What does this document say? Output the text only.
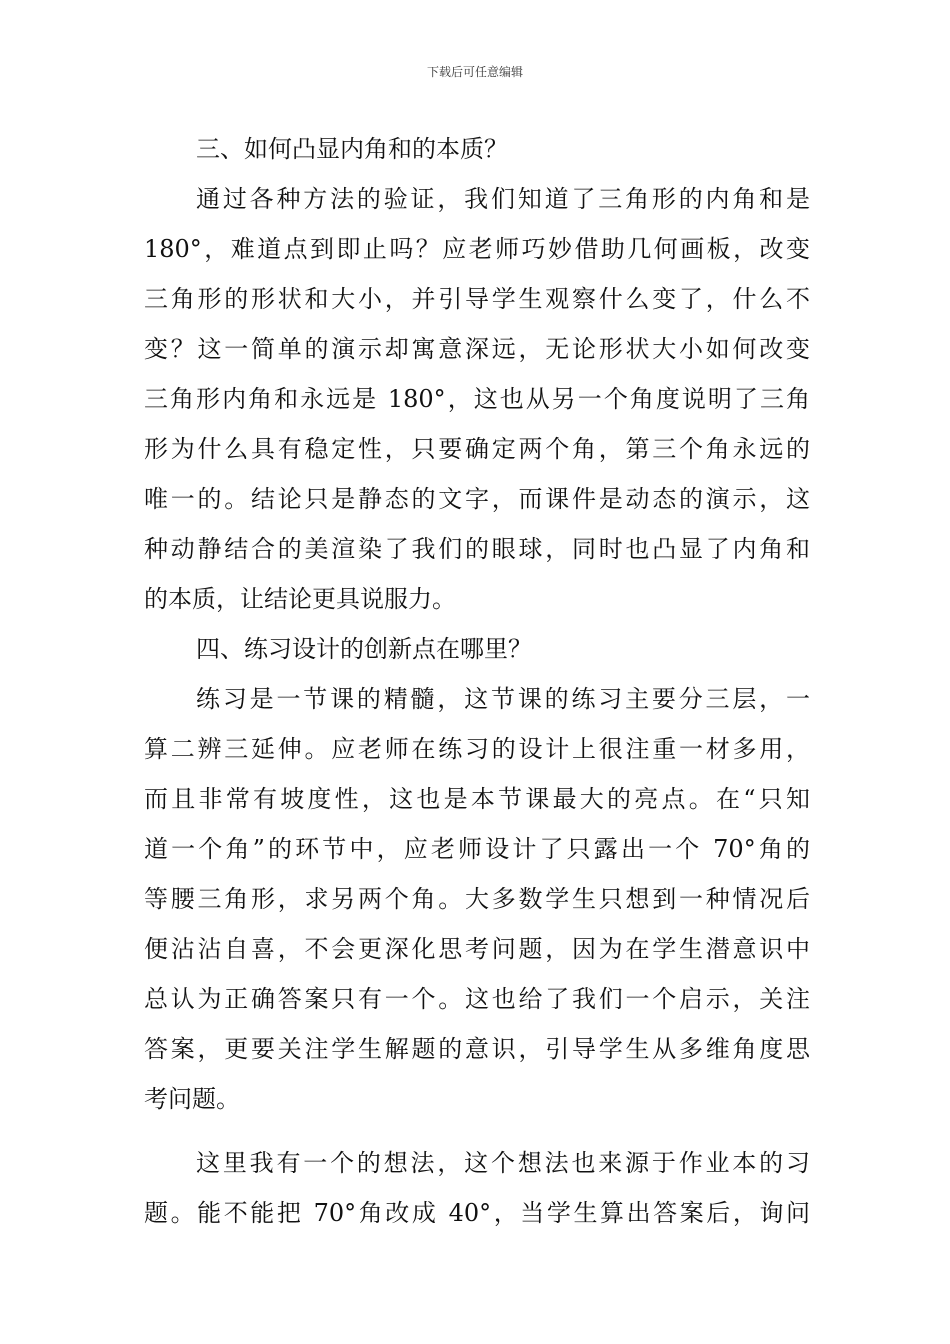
下载后可任意编辑
三、如何凸显内角和的本质？
通过各种方法的验证，我们知道了三角形的内角和是
180°，难道点到即止吗？应老师巧妙借助几何画板，改变
三角形的形状和大小，并引导学生观察什么变了，什么不
变？这一简单的演示却寓意深远，无论形状大小如何改变
三角形内角和永远是 180°，这也从另一个角度说明了三角
形为什么具有稳定性，只要确定两个角，第三个角永远的
唯一的。结论只是静态的文字，而课件是动态的演示，这
种动静结合的美渲染了我们的眼球，同时也凸显了内角和
的本质，让结论更具说服力。
四、练习设计的创新点在哪里？
练习是一节课的精髓，这节课的练习主要分三层，一
算二辨三延伸。应老师在练习的设计上很注重一材多用，
而且非常有坡度性，这也是本节课最大的亮点。在“只知
道一个角”的环节中，应老师设计了只露出一个 70°角的
等腰三角形，求另两个角。大多数学生只想到一种情况后
便沾沾自喜，不会更深化思考问题，因为在学生潜意识中
总认为正确答案只有一个。这也给了我们一个启示，关注
答案，更要关注学生解题的意识，引导学生从多维角度思
考问题。
这里我有一个的想法，这个想法也来源于作业本的习
题。能不能把 70°角改成 40°，当学生算出答案后，询问
